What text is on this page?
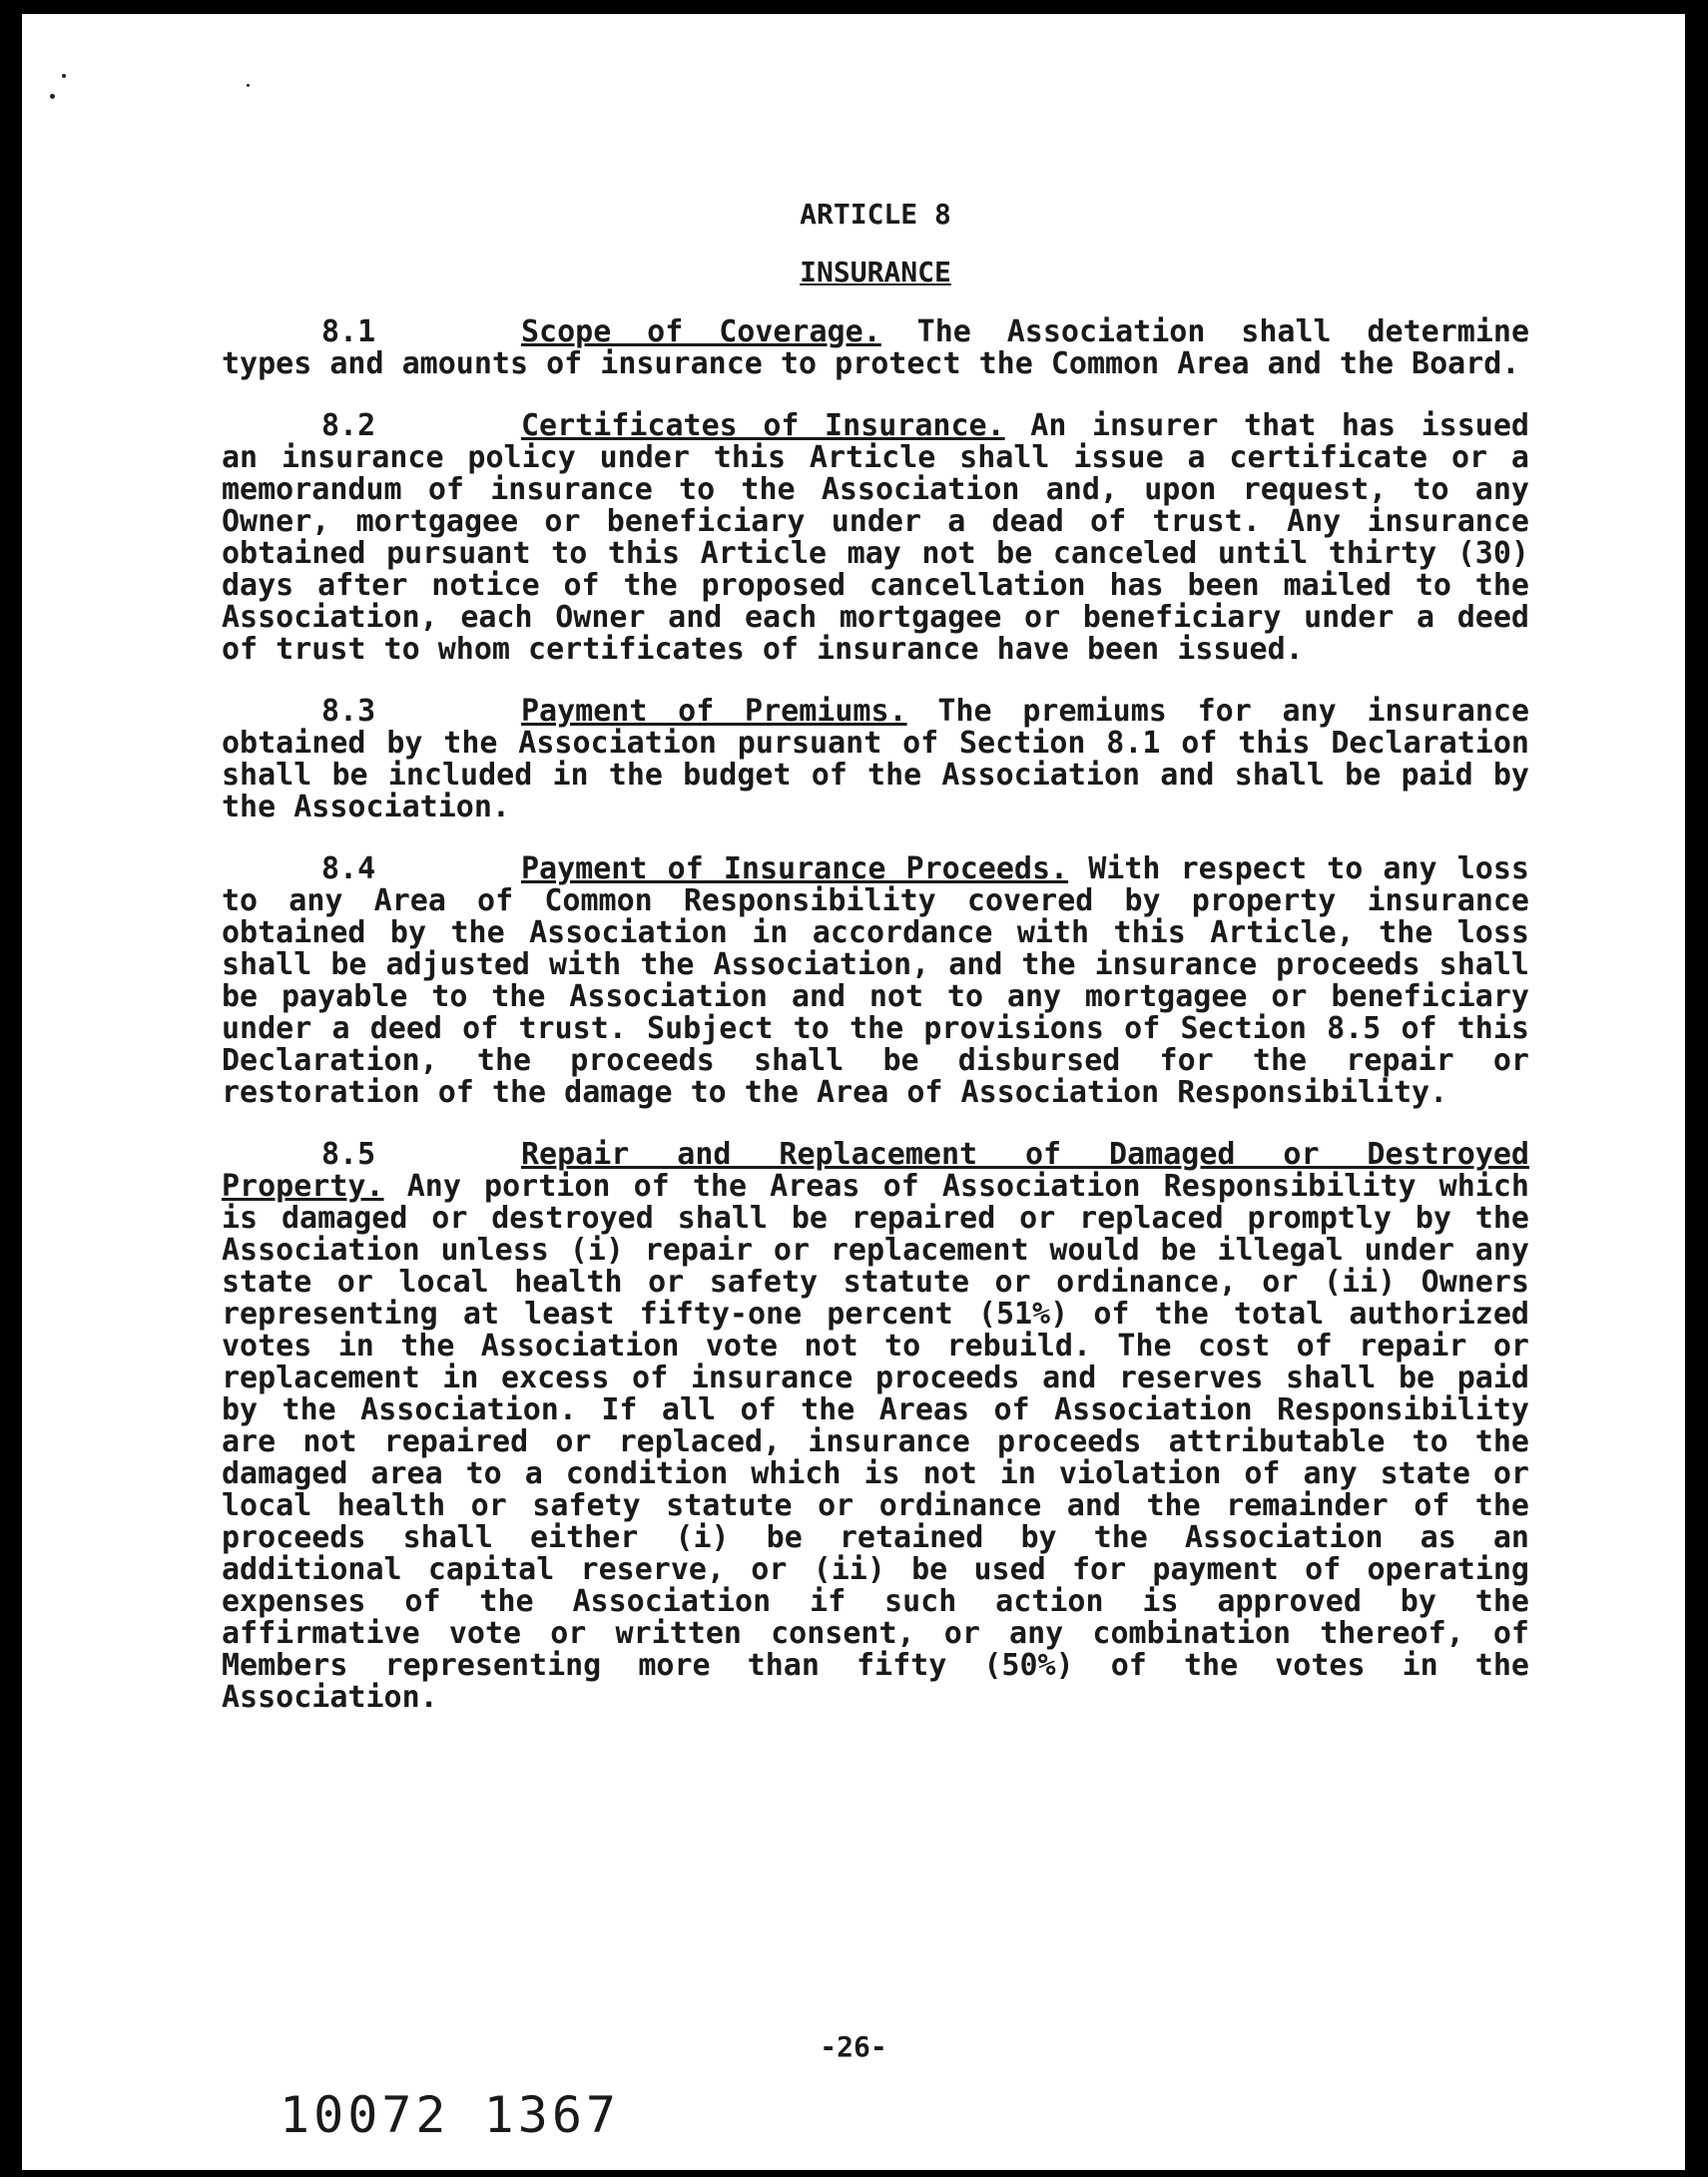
ARTICLE 8

INSURANCE

8.1	Scope of Coverage. The Association shall determine types and amounts of insurance to protect the Common Area and the Board.

8.2	Certificates of Insurance. An insurer that has issued an insurance policy under this Article shall issue a certificate or a memorandum of insurance to the Association and, upon request, to any Owner, mortgagee or beneficiary under a dead of trust. Any insurance obtained pursuant to this Article may not be canceled until thirty (30) days after notice of the proposed cancellation has been mailed to the Association, each Owner and each mortgagee or beneficiary under a deed of trust to whom certificates of insurance have been issued.

8.3	Payment of Premiums. The premiums for any insurance obtained by the Association pursuant of Section 8.1 of this Declaration shall be included in the budget of the Association and shall be paid by the Association.

8.4	Payment of Insurance Proceeds. With respect to any loss to any Area of Common Responsibility covered by property insurance obtained by the Association in accordance with this Article, the loss shall be adjusted with the Association, and the insurance proceeds shall be payable to the Association and not to any mortgagee or beneficiary under a deed of trust. Subject to the provisions of Section 8.5 of this Declaration, the proceeds shall be disbursed for the repair or restoration of the damage to the Area of Association Responsibility.

8.5	Repair and Replacement of Damaged or Destroyed Property. Any portion of the Areas of Association Responsibility which is damaged or destroyed shall be repaired or replaced promptly by the Association unless (i) repair or replacement would be illegal under any state or local health or safety statute or ordinance, or (ii) Owners representing at least fifty-one percent (51%) of the total authorized votes in the Association vote not to rebuild. The cost of repair or replacement in excess of insurance proceeds and reserves shall be paid by the Association. If all of the Areas of Association Responsibility are not repaired or replaced, insurance proceeds attributable to the damaged area to a condition which is not in violation of any state or local health or safety statute or ordinance and the remainder of the proceeds shall either (i) be retained by the Association as an additional capital reserve, or (ii) be used for payment of operating expenses of the Association if such action is approved by the affirmative vote or written consent, or any combination thereof, of Members representing more than fifty (50%) of the votes in the Association.

-26-
10072 1367
